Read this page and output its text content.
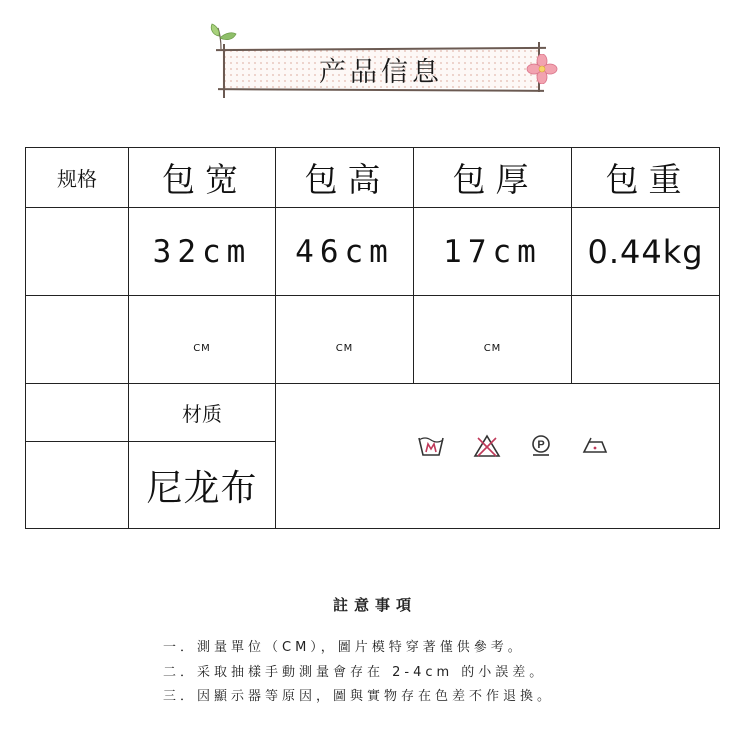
产品信息
规格	包宽	包高	包厚	包重
	32cm	46cm	17cm	0.44kg
	CM	CM	CM	
	材质	P		

	尼龙布			
註意事項
一．測量單位（CM），圖片模特穿著僅供參考。
二．采取抽樣手動測量會存在 2-4cm 的小誤差。
三．因顯示器等原因，圖與實物存在色差不作退換。
